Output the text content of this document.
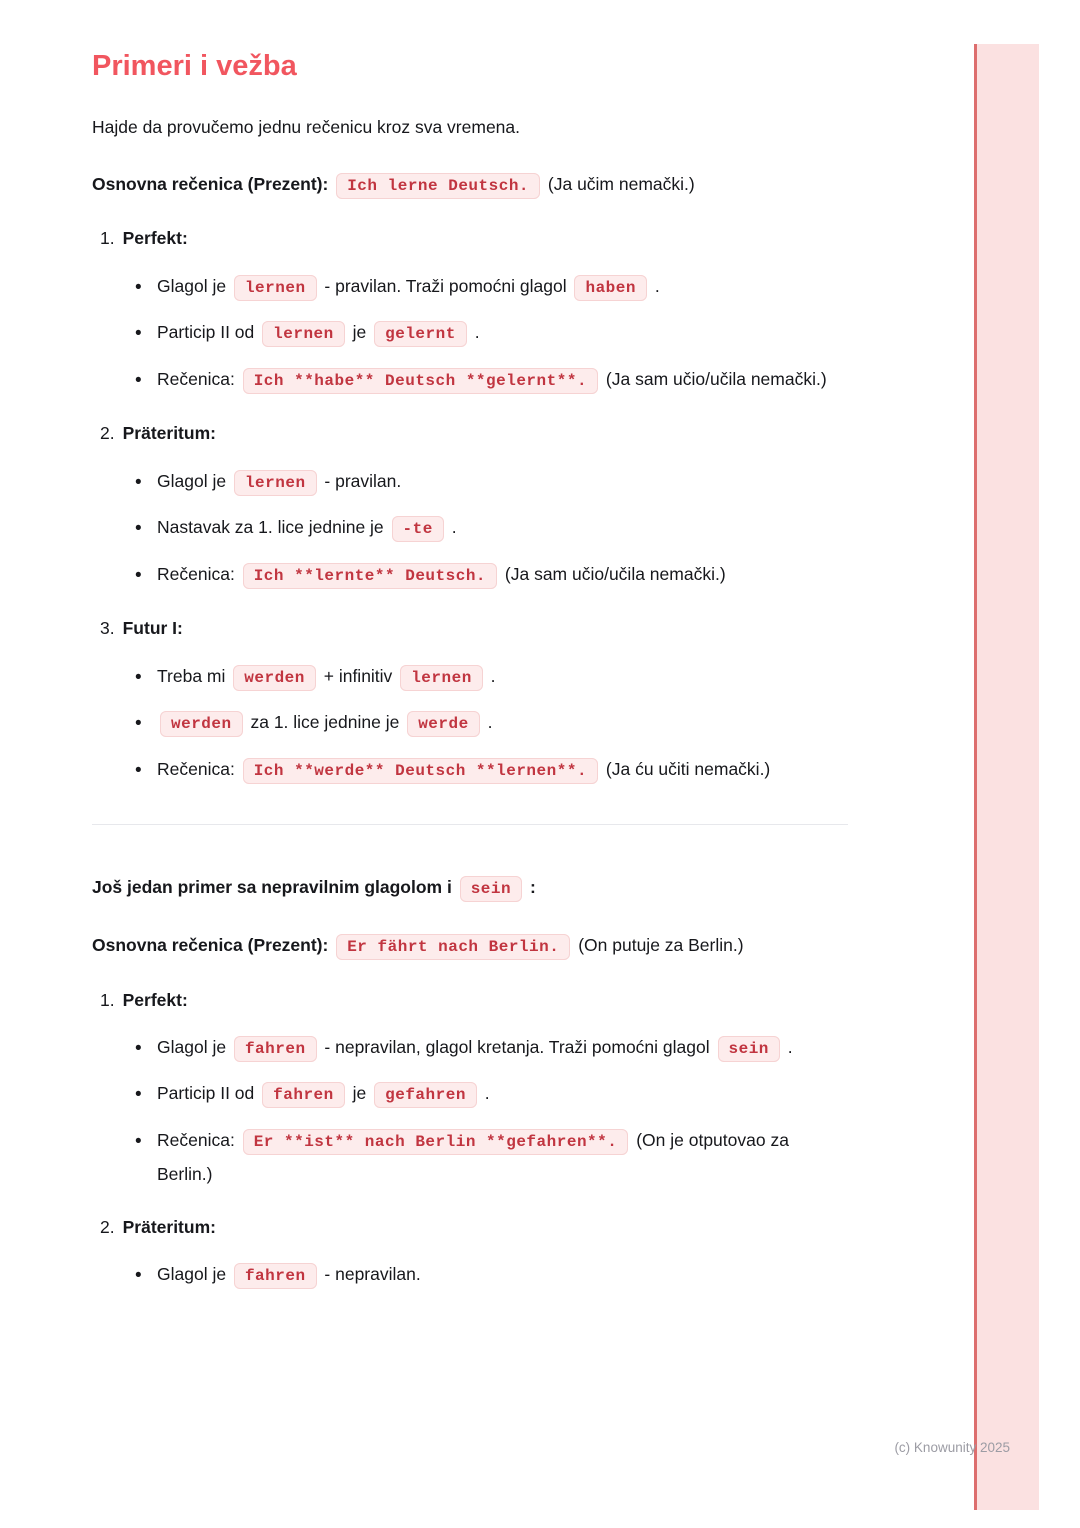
Primeri i vežba

Hajde da provučemo jednu rečenicu kroz sva vremena.

Osnovna rečenica (Prezent): Ich lerne Deutsch. (Ja učim nemački.)

1. Perfekt:
• Glagol je lernen - pravilan. Traži pomoćni glagol haben .
• Particip II od lernen je gelernt .
• Rečenica: Ich **habe** Deutsch **gelernt**. (Ja sam učio/učila nemački.)
2. Präteritum:
• Glagol je lernen - pravilan.
• Nastavak za 1. lice jednine je -te .
• Rečenica: Ich **lernte** Deutsch. (Ja sam učio/učila nemački.)
3. Futur I:
• Treba mi werden + infinitiv lernen .
• werden za 1. lice jednine je werde .
• Rečenica: Ich **werde** Deutsch **lernen**. (Ja ću učiti nemački.)

Još jedan primer sa nepravilnim glagolom i sein :

Osnovna rečenica (Prezent): Er fährt nach Berlin. (On putuje za Berlin.)

1. Perfekt:
• Glagol je fahren - nepravilan, glagol kretanja. Traži pomoćni glagol sein .
• Particip II od fahren je gefahren .
• Rečenica: Er **ist** nach Berlin **gefahren**. (On je otputovao za Berlin.)
2. Präteritum:
• Glagol je fahren - nepravilan.
(c) Knowunity 2025
